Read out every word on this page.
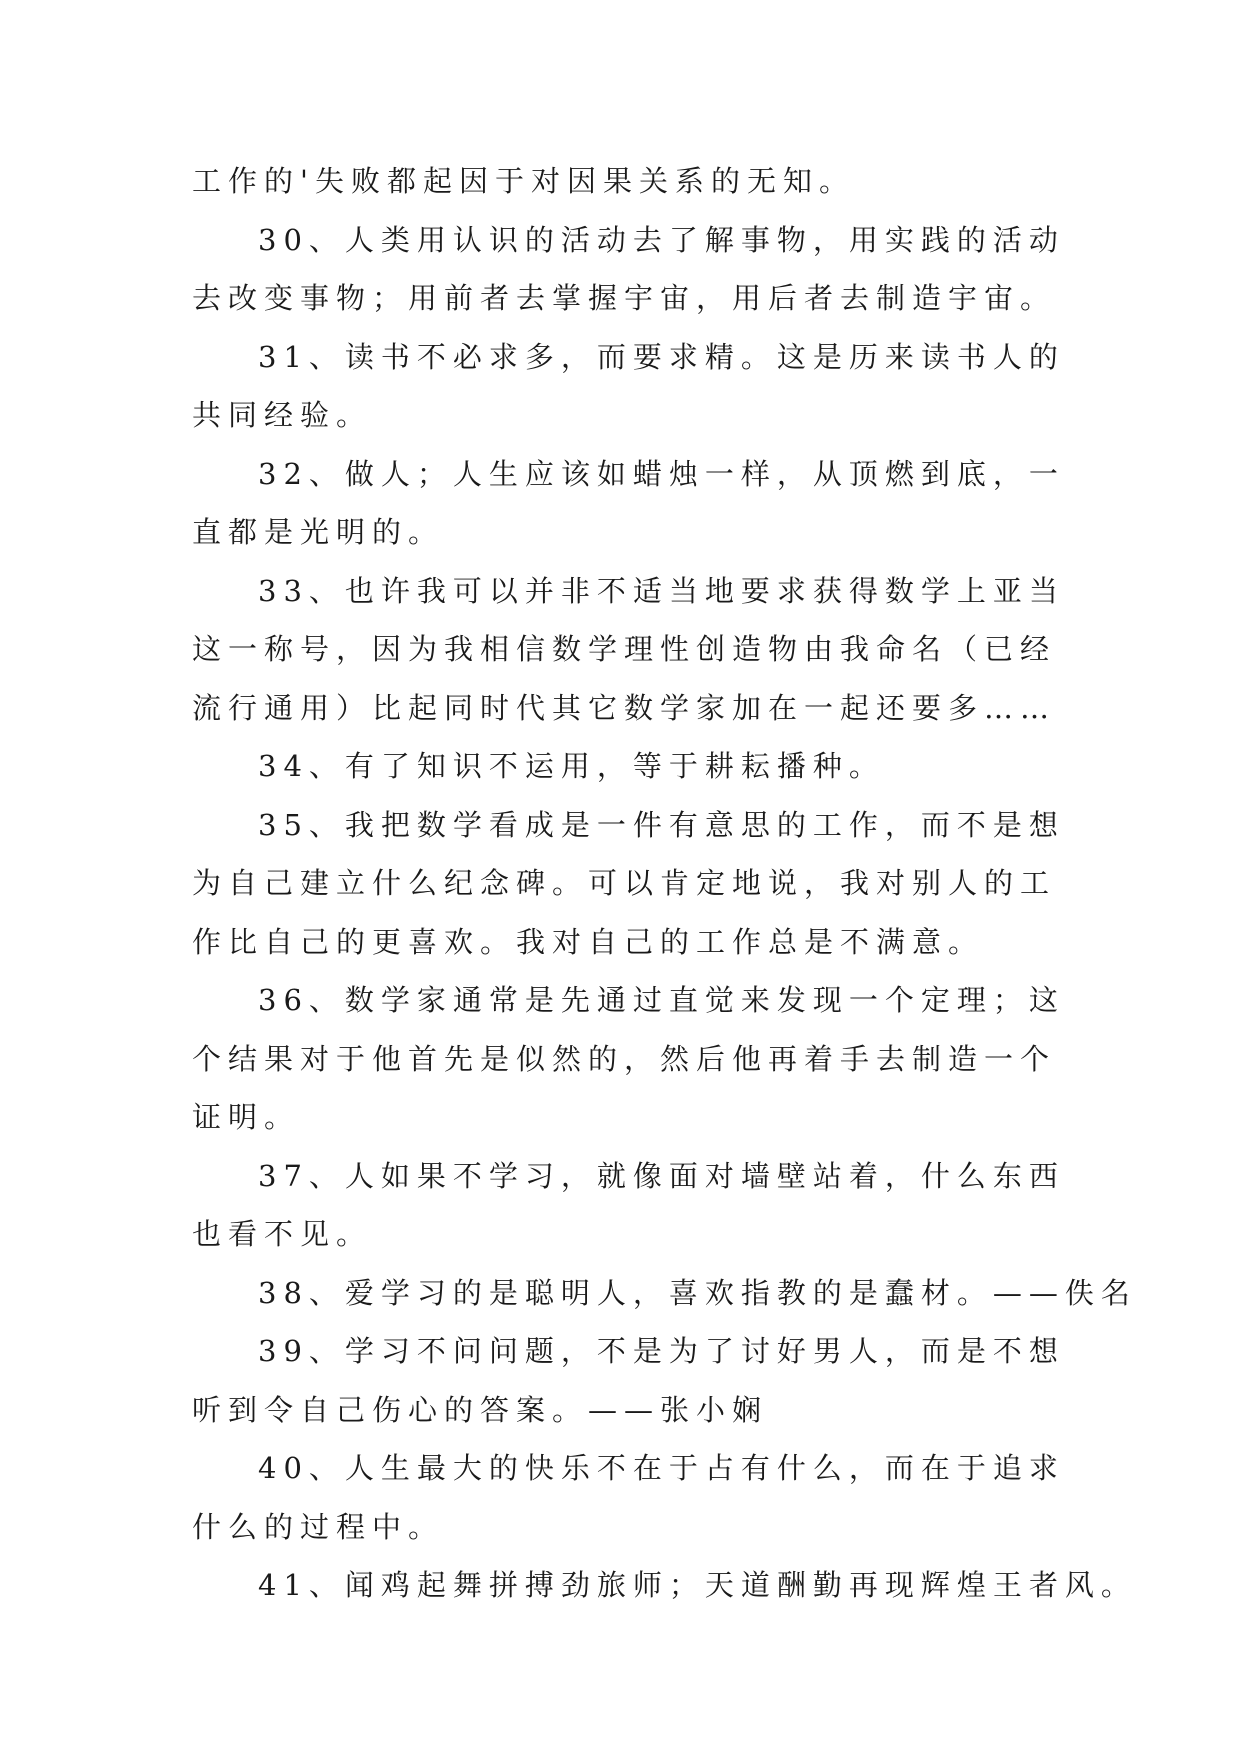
工作的'失败都起因于对因果关系的无知。

30、人类用认识的活动去了解事物，用实践的活动去改变事物；用前者去掌握宇宙，用后者去制造宇宙。

31、读书不必求多，而要求精。这是历来读书人的共同经验。

32、做人；人生应该如蜡烛一样，从顶燃到底，一直都是光明的。

33、也许我可以并非不适当地要求获得数学上亚当这一称号，因为我相信数学理性创造物由我命名（已经流行通用）比起同时代其它数学家加在一起还要多……

34、有了知识不运用，等于耕耘播种。

35、我把数学看成是一件有意思的工作，而不是想为自己建立什么纪念碑。可以肯定地说，我对别人的工作比自己的更喜欢。我对自己的工作总是不满意。

36、数学家通常是先通过直觉来发现一个定理；这个结果对于他首先是似然的，然后他再着手去制造一个证明。

37、人如果不学习，就像面对墙壁站着，什么东西也看不见。

38、爱学习的是聪明人，喜欢指教的是蠢材。——佚名

39、学习不问问题，不是为了讨好男人，而是不想听到令自己伤心的答案。——张小娴

40、人生最大的快乐不在于占有什么，而在于追求什么的过程中。

41、闻鸡起舞拼搏劲旅师；天道酬勤再现辉煌王者风。
